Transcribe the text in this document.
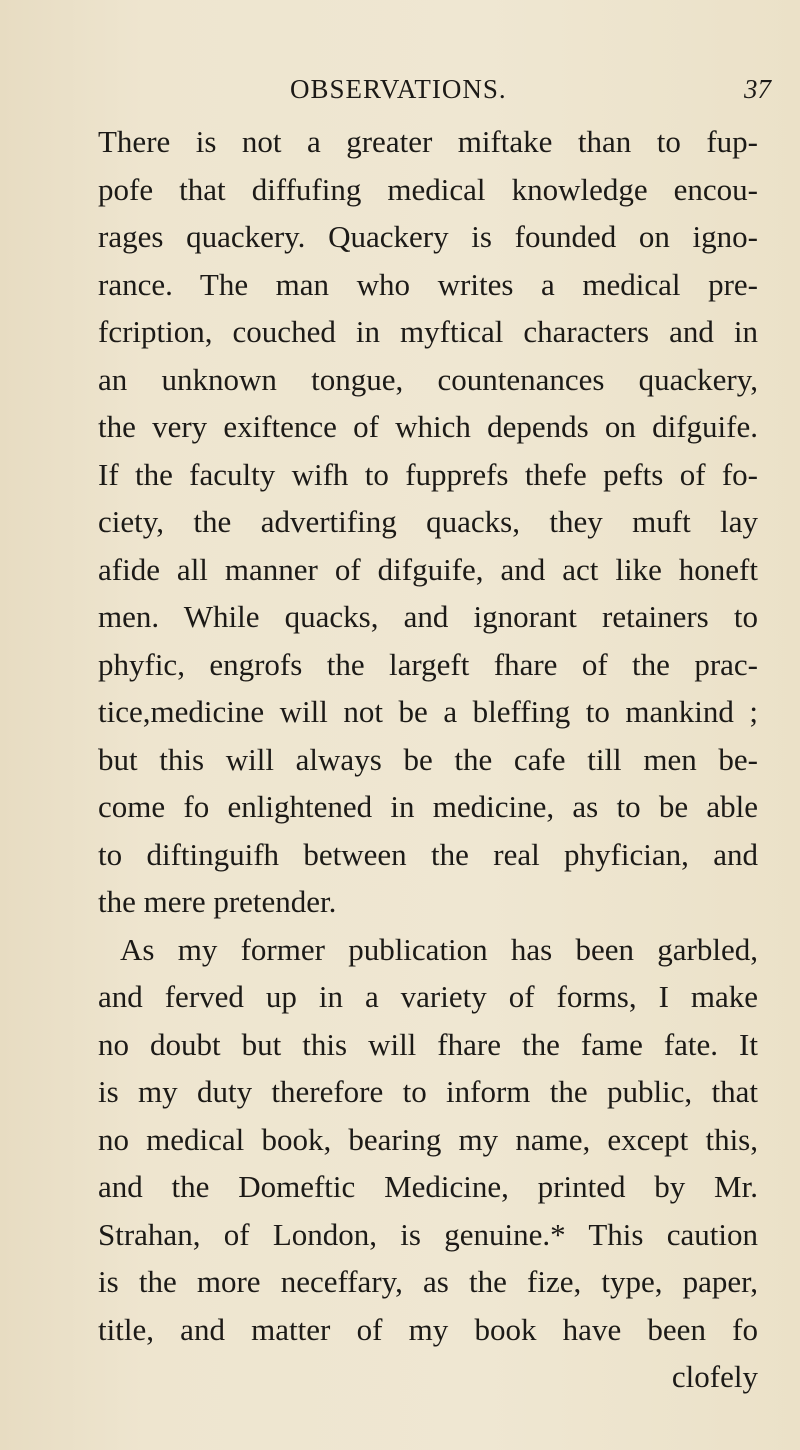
OBSERVATIONS.	37
There is not a greater miftake than to fup-
pofe that diffufing medical knowledge encou-
rages quackery. Quackery is founded on igno-
rance. The man who writes a medical pre-
fcription, couched in myftical characters and in
an unknown tongue, countenances quackery,
the very exiftence of which depends on difguife.
If the faculty wifh to fupprefs thefe pefts of fo-
ciety, the advertifing quacks, they muft lay
afide all manner of difguife, and act like honeft
men. While quacks, and ignorant retainers to
phyfic, engrofs the largeft fhare of the prac-
tice,medicine will not be a bleffing to mankind ;
but this will always be the cafe till men be-
come fo enlightened in medicine, as to be able
to diftinguifh between the real phyfician, and
the mere pretender.
As my former publication has been garbled,
and ferved up in a variety of forms, I make
no doubt but this will fhare the fame fate. It
is my duty therefore to inform the public, that
no medical book, bearing my name, except this,
and the Domeftic Medicine, printed by Mr.
Strahan, of London, is genuine.* This caution
is the more neceffary, as the fize, type, paper,
title, and matter of my book have been fo
clofely
